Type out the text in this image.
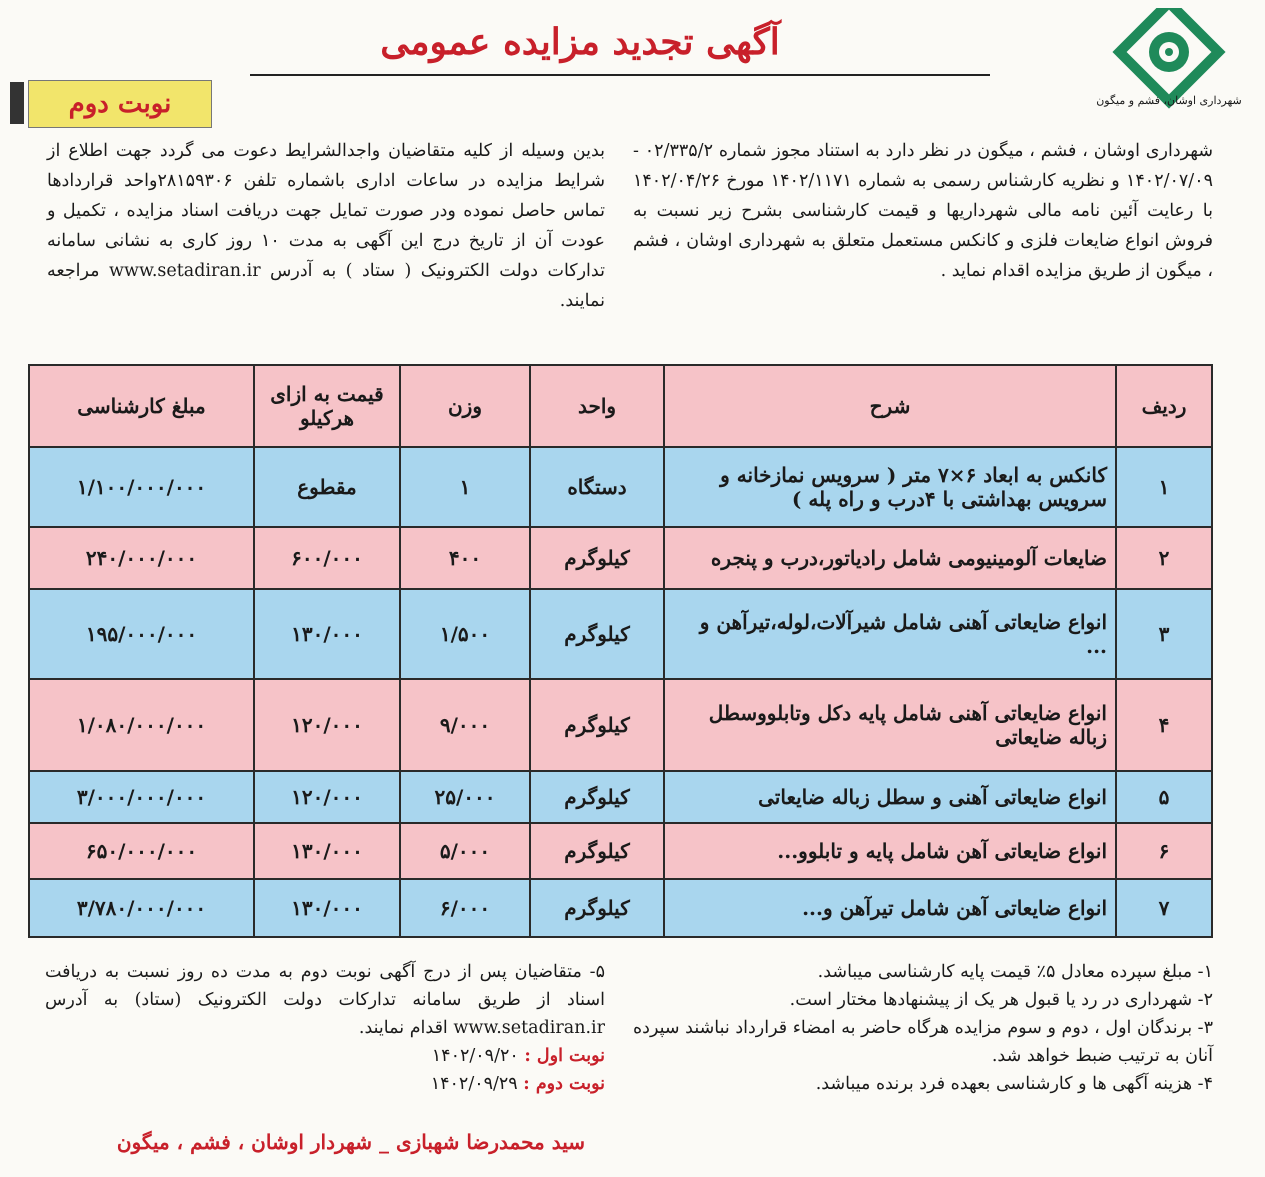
شهرداری اوشان، فشم و میگون
آگهی تجدید مزایده عمومی
نوبت دوم
شهرداری اوشان ، فشم ، میگون در نظر دارد به استناد مجوز شماره ۰۲/۳۳۵/۲ - ۱۴۰۲/۰۷/۰۹ و نظریه کارشناس رسمی به شماره ۱۴۰۲/۱۱۷۱ مورخ ۱۴۰۲/۰۴/۲۶ با رعایت آئین نامه مالی شهرداریها و قیمت کارشناسی بشرح زیر نسبت به فروش انواع ضایعات فلزی و کانکس مستعمل متعلق به شهرداری اوشان ، فشم ، میگون از طریق مزایده اقدام نماید .
بدین وسیله از کلیه متقاضیان واجدالشرایط دعوت می گردد جهت اطلاع از شرایط مزایده در ساعات اداری باشماره تلفن ۲۸۱۵۹۳۰۶واحد قراردادها تماس حاصل نموده ودر صورت تمایل جهت دریافت اسناد مزایده ، تکمیل و عودت آن از تاریخ درج این آگهی به مدت ۱۰ روز کاری به نشانی سامانه تدارکات دولت الکترونیک ( ستاد ) به آدرس www.setadiran.ir مراجعه نمایند.
ردیف	شرح	واحد	وزن	قیمت به ازای هرکیلو	مبلغ کارشناسی
۱	کانکس به ابعاد ۶×۷ متر ( سرویس نمازخانه و سرویس بهداشتی با ۴درب و راه پله )	دستگاه	۱	مقطوع	۱/۱۰۰/۰۰۰/۰۰۰
۲	ضایعات آلومینیومی شامل رادیاتور،درب و پنجره	کیلوگرم	۴۰۰	۶۰۰/۰۰۰	۲۴۰/۰۰۰/۰۰۰
۳	انواع ضایعاتی آهنی شامل شیرآلات،لوله،تیرآهن و ...	کیلوگرم	۱/۵۰۰	۱۳۰/۰۰۰	۱۹۵/۰۰۰/۰۰۰
۴	انواع ضایعاتی آهنی شامل پایه دکل وتابلووسطل زباله ضایعاتی	کیلوگرم	۹/۰۰۰	۱۲۰/۰۰۰	۱/۰۸۰/۰۰۰/۰۰۰
۵	انواع ضایعاتی آهنی و سطل زباله ضایعاتی	کیلوگرم	۲۵/۰۰۰	۱۲۰/۰۰۰	۳/۰۰۰/۰۰۰/۰۰۰
۶	انواع ضایعاتی آهن شامل پایه و تابلوو...	کیلوگرم	۵/۰۰۰	۱۳۰/۰۰۰	۶۵۰/۰۰۰/۰۰۰
۷	انواع ضایعاتی آهن شامل تیرآهن و...	کیلوگرم	۶/۰۰۰	۱۳۰/۰۰۰	۳/۷۸۰/۰۰۰/۰۰۰
۱- مبلغ سپرده معادل ۵٪ قیمت پایه کارشناسی میباشد.
۲- شهرداری در رد یا قبول هر یک از پیشنهادها مختار است.
۳- برندگان اول ، دوم و سوم مزایده هرگاه حاضر به امضاء قرارداد نباشند سپرده آنان به ترتیب ضبط خواهد شد.
۴- هزینه آگهی ها و کارشناسی بعهده فرد برنده میباشد.
۵- متقاضیان پس از درج آگهی نوبت دوم به مدت ده روز نسبت به دریافت اسناد از طریق سامانه تدارکات دولت الکترونیک (ستاد) به آدرس www.setadiran.ir اقدام نمایند.
نوبت اول : ۱۴۰۲/۰۹/۲۰
نوبت دوم : ۱۴۰۲/۰۹/۲۹
سید محمدرضا شهبازی _ شهردار اوشان ، فشم ، میگون
